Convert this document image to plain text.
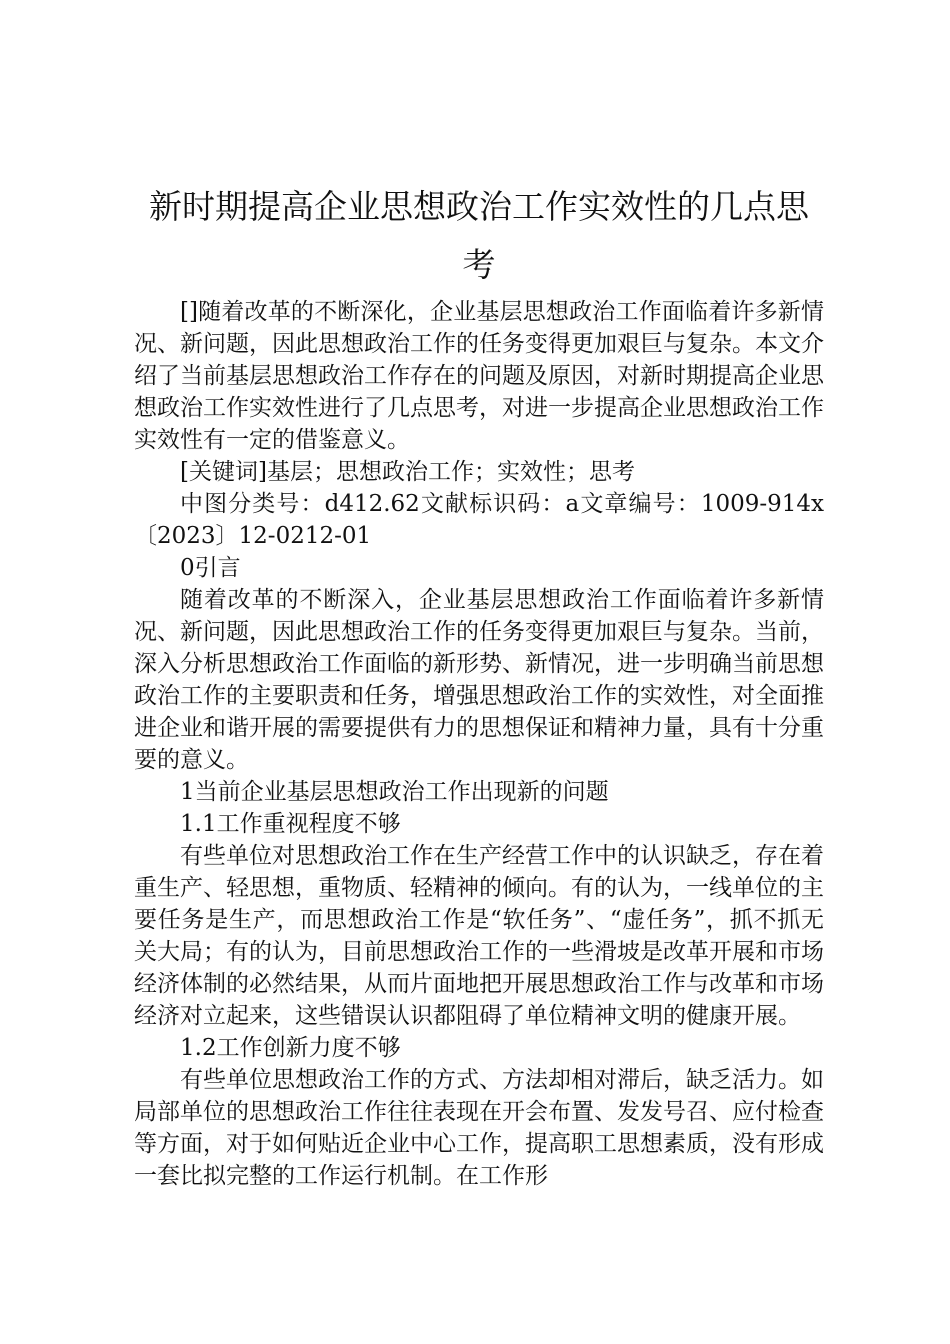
新时期提高企业思想政治工作实效性的几点思考

[]随着改革的不断深化，企业基层思想政治工作面临着许多新情况、新问题，因此思想政治工作的任务变得更加艰巨与复杂。本文介绍了当前基层思想政治工作存在的问题及原因，对新时期提高企业思想政治工作实效性进行了几点思考，对进一步提高企业思想政治工作实效性有一定的借鉴意义。

[关键词]基层；思想政治工作；实效性；思考

中图分类号：d412.62文献标识码：a文章编号：1009-914x〔2023〕12-0212-01

0引言

随着改革的不断深入，企业基层思想政治工作面临着许多新情况、新问题，因此思想政治工作的任务变得更加艰巨与复杂。当前，深入分析思想政治工作面临的新形势、新情况，进一步明确当前思想政治工作的主要职责和任务，增强思想政治工作的实效性，对全面推进企业和谐开展的需要提供有力的思想保证和精神力量，具有十分重要的意义。

1当前企业基层思想政治工作出现新的问题

1.1工作重视程度不够

有些单位对思想政治工作在生产经营工作中的认识缺乏，存在着重生产、轻思想，重物质、轻精神的倾向。有的认为，一线单位的主要任务是生产，而思想政治工作是“软任务”、“虚任务”，抓不抓无关大局；有的认为，目前思想政治工作的一些滑坡是改革开展和市场经济体制的必然结果，从而片面地把开展思想政治工作与改革和市场经济对立起来，这些错误认识都阻碍了单位精神文明的健康开展。

1.2工作创新力度不够

有些单位思想政治工作的方式、方法却相对滞后，缺乏活力。如局部单位的思想政治工作往往表现在开会布置、发发号召、应付检查等方面，对于如何贴近企业中心工作，提高职工思想素质，没有形成一套比拟完整的工作运行机制。在工作形
